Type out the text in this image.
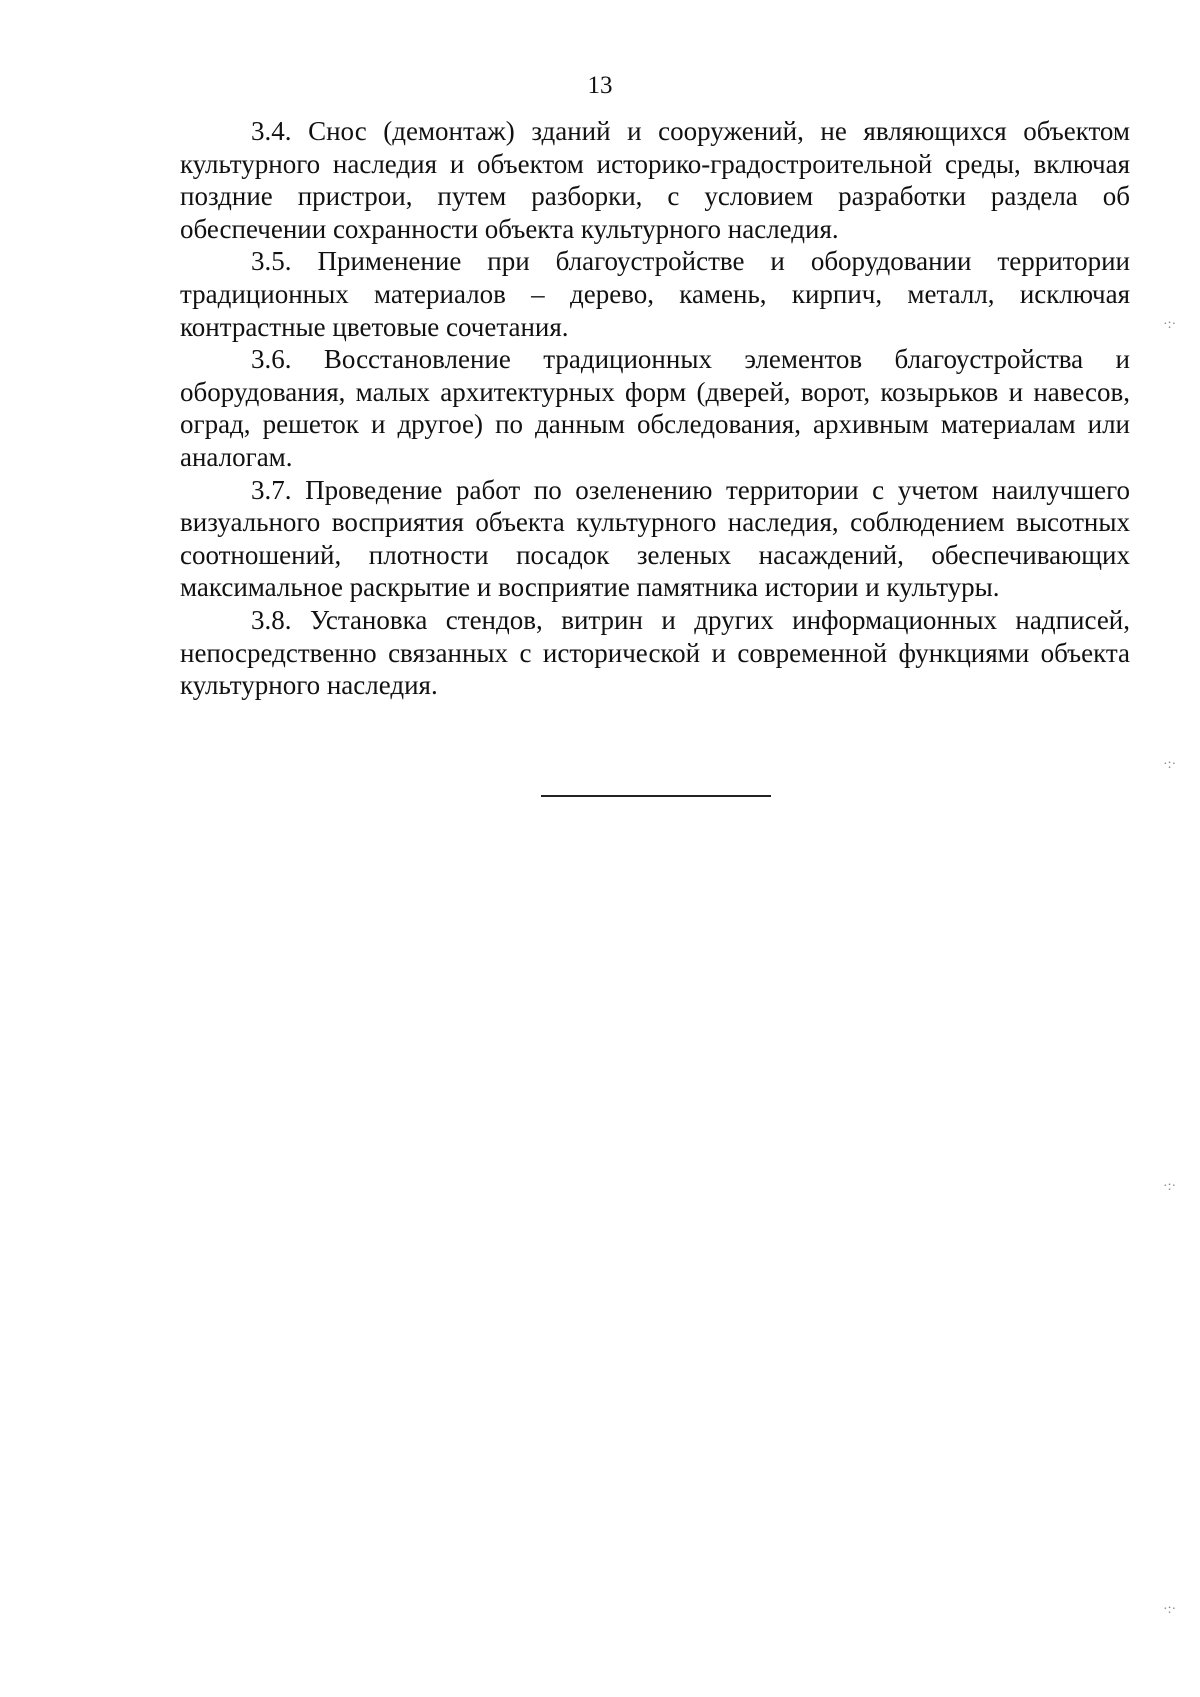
13

3.4. Снос (демонтаж) зданий и сооружений, не являющихся объектом культурного наследия и объектом историко-градостроительной среды, включая поздние пристрои, путем разборки, с условием разработки раздела об обеспечении сохранности объекта культурного наследия.

3.5. Применение при благоустройстве и оборудовании территории традиционных материалов – дерево, камень, кирпич, металл, исключая контрастные цветовые сочетания.

3.6. Восстановление традиционных элементов благоустройства и оборудования, малых архитектурных форм (дверей, ворот, козырьков и навесов, оград, решеток и другое) по данным обследования, архивным материалам или аналогам.

3.7. Проведение работ по озеленению территории с учетом наилучшего визуального восприятия объекта культурного наследия, соблюдением высотных соотношений, плотности посадок зеленых насаждений, обеспечивающих максимальное раскрытие и восприятие памятника истории и культуры.

3.8. Установка стендов, витрин и других информационных надписей, непосредственно связанных с исторической и современной функциями объекта культурного наследия.

·:·
·:·
·:·
·:·
